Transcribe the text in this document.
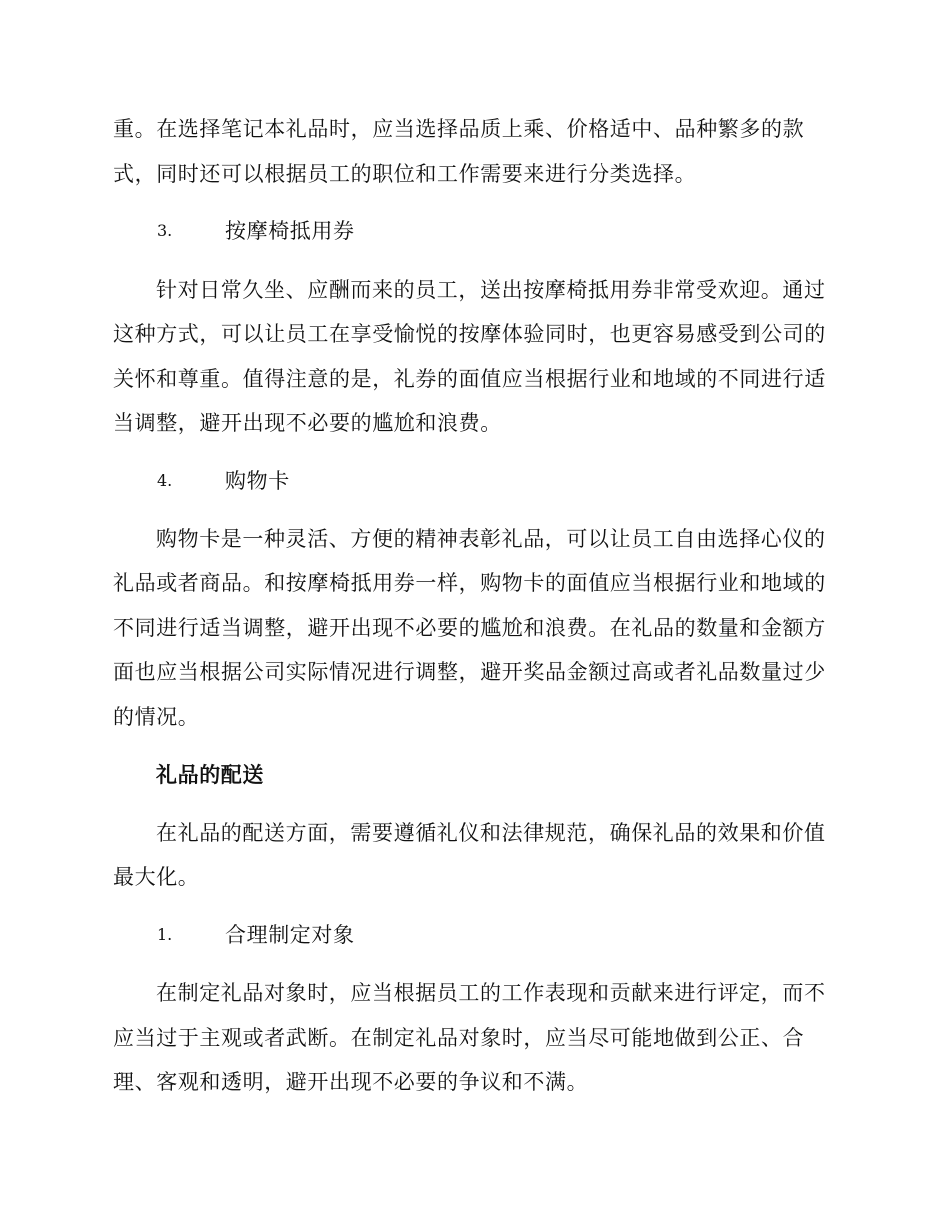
重。在选择笔记本礼品时，应当选择品质上乘、价格适中、品种繁多的款

式，同时还可以根据员工的职位和工作需要来进行分类选择。

3.	按摩椅抵用券

针对日常久坐、应酬而来的员工，送出按摩椅抵用券非常受欢迎。通过

这种方式，可以让员工在享受愉悦的按摩体验同时，也更容易感受到公司的

关怀和尊重。值得注意的是，礼券的面值应当根据行业和地域的不同进行适

当调整，避开出现不必要的尴尬和浪费。

4.	购物卡

购物卡是一种灵活、方便的精神表彰礼品，可以让员工自由选择心仪的

礼品或者商品。和按摩椅抵用券一样，购物卡的面值应当根据行业和地域的

不同进行适当调整，避开出现不必要的尴尬和浪费。在礼品的数量和金额方

面也应当根据公司实际情况进行调整，避开奖品金额过高或者礼品数量过少

的情况。

礼品的配送

在礼品的配送方面，需要遵循礼仪和法律规范，确保礼品的效果和价值

最大化。

1.	合理制定对象

在制定礼品对象时，应当根据员工的工作表现和贡献来进行评定，而不

应当过于主观或者武断。在制定礼品对象时，应当尽可能地做到公正、合

理、客观和透明，避开出现不必要的争议和不满。
